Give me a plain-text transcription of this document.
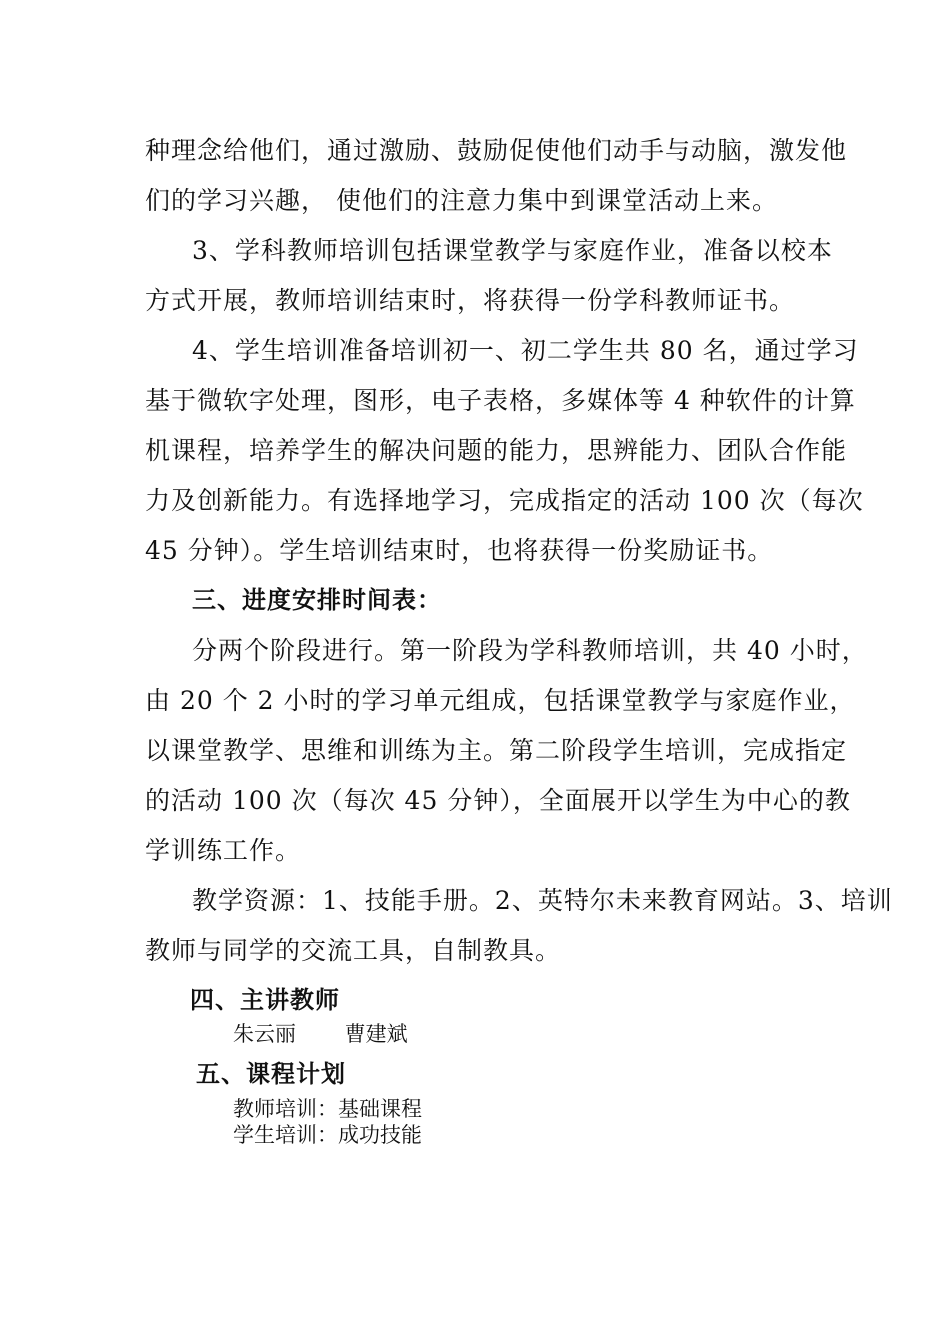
种理念给他们，通过激励、鼓励促使他们动手与动脑，激发他
们的学习兴趣， 使他们的注意力集中到课堂活动上来。
3、学科教师培训包括课堂教学与家庭作业，准备以校本
方式开展，教师培训结束时，将获得一份学科教师证书。
4、学生培训准备培训初一、初二学生共 80 名，通过学习
基于微软字处理，图形，电子表格，多媒体等 4 种软件的计算
机课程，培养学生的解决问题的能力，思辨能力、团队合作能
力及创新能力。有选择地学习，完成指定的活动 100 次（每次
45 分钟）。学生培训结束时，也将获得一份奖励证书。
三、进度安排时间表：
分两个阶段进行。第一阶段为学科教师培训，共 40 小时，
由 20 个 2 小时的学习单元组成，包括课堂教学与家庭作业，
以课堂教学、思维和训练为主。第二阶段学生培训，完成指定
的活动 100 次（每次 45 分钟），全面展开以学生为中心的教
学训练工作。
教学资源：1、技能手册。2、英特尔未来教育网站。3、培训
教师与同学的交流工具，自制教具。
四、主讲教师
朱云丽　　 曹建斌
五、课程计划
教师培训：基础课程
学生培训：成功技能
